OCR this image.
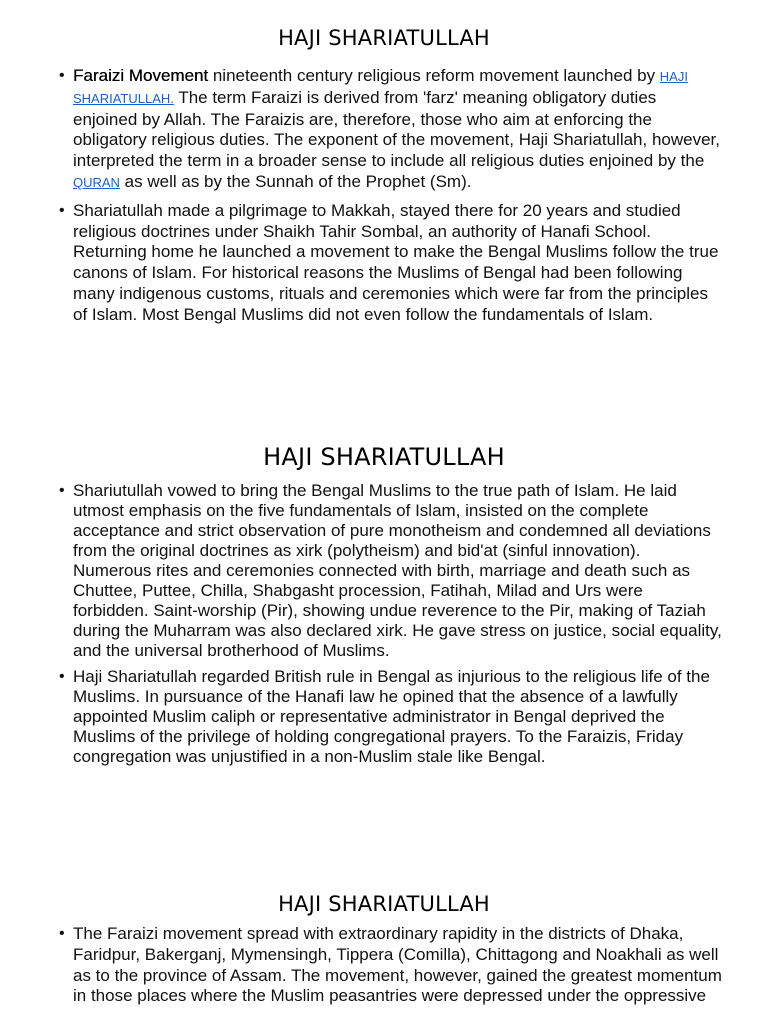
HAJI SHARIATULLAH
• Faraizi Movement nineteenth century religious reform movement launched by HAJI SHARIATULLAH. The term Faraizi is derived from 'farz' meaning obligatory duties enjoined by Allah. The Faraizis are, therefore, those who aim at enforcing the obligatory religious duties. The exponent of the movement, Haji Shariatullah, however, interpreted the term in a broader sense to include all religious duties enjoined by the QURAN as well as by the Sunnah of the Prophet (Sm).
• Shariatullah made a pilgrimage to Makkah, stayed there for 20 years and studied religious doctrines under Shaikh Tahir Sombal, an authority of Hanafi School. Returning home he launched a movement to make the Bengal Muslims follow the true canons of Islam. For historical reasons the Muslims of Bengal had been following many indigenous customs, rituals and ceremonies which were far from the principles of Islam. Most Bengal Muslims did not even follow the fundamentals of Islam.
HAJI SHARIATULLAH
• Shariutullah vowed to bring the Bengal Muslims to the true path of Islam. He laid utmost emphasis on the five fundamentals of Islam, insisted on the complete acceptance and strict observation of pure monotheism and condemned all deviations from the original doctrines as xirk (polytheism) and bid'at (sinful innovation). Numerous rites and ceremonies connected with birth, marriage and death such as Chuttee, Puttee, Chilla, Shabgasht procession, Fatihah, Milad and Urs were forbidden. Saint-worship (Pir), showing undue reverence to the Pir, making of Taziah during the Muharram was also declared xirk. He gave stress on justice, social equality, and the universal brotherhood of Muslims.
• Haji Shariatullah regarded British rule in Bengal as injurious to the religious life of the Muslims. In pursuance of the Hanafi law he opined that the absence of a lawfully appointed Muslim caliph or representative administrator in Bengal deprived the Muslims of the privilege of holding congregational prayers. To the Faraizis, Friday congregation was unjustified in a non-Muslim stale like Bengal.
HAJI SHARIATULLAH
• The Faraizi movement spread with extraordinary rapidity in the districts of Dhaka, Faridpur, Bakerganj, Mymensingh, Tippera (Comilla), Chittagong and Noakhali as well as to the province of Assam. The movement, however, gained the greatest momentum in those places where the Muslim peasantries were depressed under the oppressive
